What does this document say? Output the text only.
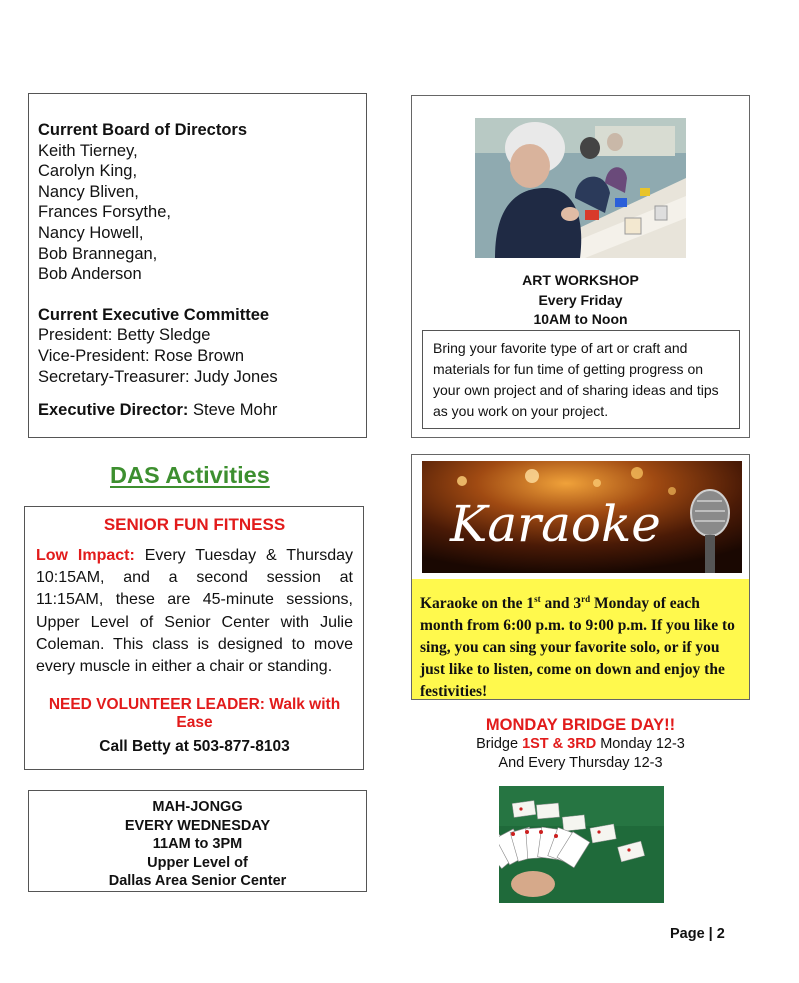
Current Board of Directors
Keith Tierney,
Carolyn King,
Nancy Bliven,
Frances Forsythe,
Nancy Howell,
Bob Brannegan,
Bob Anderson
Current Executive Committee
President: Betty Sledge
Vice-President: Rose Brown
Secretary-Treasurer: Judy Jones
Executive Director: Steve Mohr
ART WORKSHOP
Every Friday
10AM to Noon
Bring your favorite type of art or craft and materials for fun time of getting progress on your own project and of sharing ideas and tips as you work on your project.
DAS Activities
SENIOR FUN FITNESS
Low Impact: Every Tuesday & Thursday 10:15AM, and a second session at 11:15AM, these are 45-minute sessions, Upper Level of Senior Center with Julie Coleman. This class is designed to move every muscle in either a chair or standing.
NEED VOLUNTEER LEADER: Walk with Ease
Call Betty at 503-877-8103
MAH-JONGG
EVERY WEDNESDAY
11AM to 3PM
Upper Level of
Dallas Area Senior Center
Karaoke
Karaoke on the 1st and 3rd Monday of each month from 6:00 p.m. to 9:00 p.m. If you like to sing, you can sing your favorite solo, or if you just like to listen, come on down and enjoy the festivities!
MONDAY BRIDGE DAY!!
Bridge 1ST & 3RD Monday 12-3
And Every Thursday 12-3
Page | 2
